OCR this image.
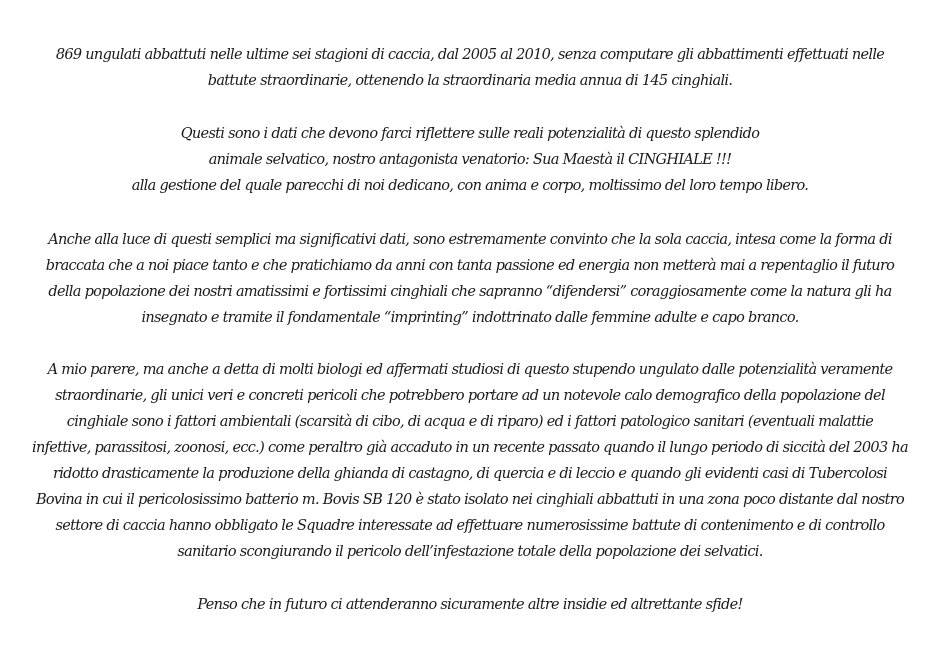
869 ungulati abbattuti nelle ultime sei stagioni di caccia, dal 2005 al 2010, senza computare gli abbattimenti effettuati nelle
battute straordinarie, ottenendo la straordinaria media annua di 145 cinghiali.

Questi sono i dati che devono farci riflettere sulle reali potenzialità di questo splendido
animale selvatico, nostro antagonista venatorio: Sua Maestà il CINGHIALE !!!
alla gestione del quale parecchi di noi dedicano, con anima e corpo, moltissimo del loro tempo libero.

Anche alla luce di questi semplici ma significativi dati, sono estremamente convinto che la sola caccia, intesa come la forma di
braccata che a noi piace tanto e che pratichiamo da anni con tanta passione ed energia non metterà mai a repentaglio il futuro
della popolazione dei nostri amatissimi e fortissimi cinghiali che sapranno “difendersi” coraggiosamente come la natura gli ha
insegnato e tramite il fondamentale “imprinting” indottrinato dalle femmine adulte e capo branco.

A mio parere, ma anche a detta di molti biologi ed affermati studiosi di questo stupendo ungulato dalle potenzialità veramente
straordinarie, gli unici veri e concreti pericoli che potrebbero portare ad un notevole calo demografico della popolazione del
cinghiale sono i fattori ambientali (scarsità di cibo, di acqua e di riparo) ed i fattori patologico sanitari (eventuali malattie
infettive, parassitosi, zoonosi, ecc.) come peraltro già accaduto in un recente passato quando il lungo periodo di siccità del 2003 ha
ridotto drasticamente la produzione della ghianda di castagno, di quercia e di leccio e quando gli evidenti casi di Tubercolosi
Bovina in cui il pericolosissimo batterio m. Bovis SB 120 è stato isolato nei cinghiali abbattuti in una zona poco distante dal nostro
settore di caccia hanno obbligato le Squadre interessate ad effettuare numerosissime battute di contenimento e di controllo
sanitario scongiurando il pericolo dell’infestazione totale della popolazione dei selvatici.

Penso che in futuro ci attenderanno sicuramente altre insidie ed altrettante sfide!
